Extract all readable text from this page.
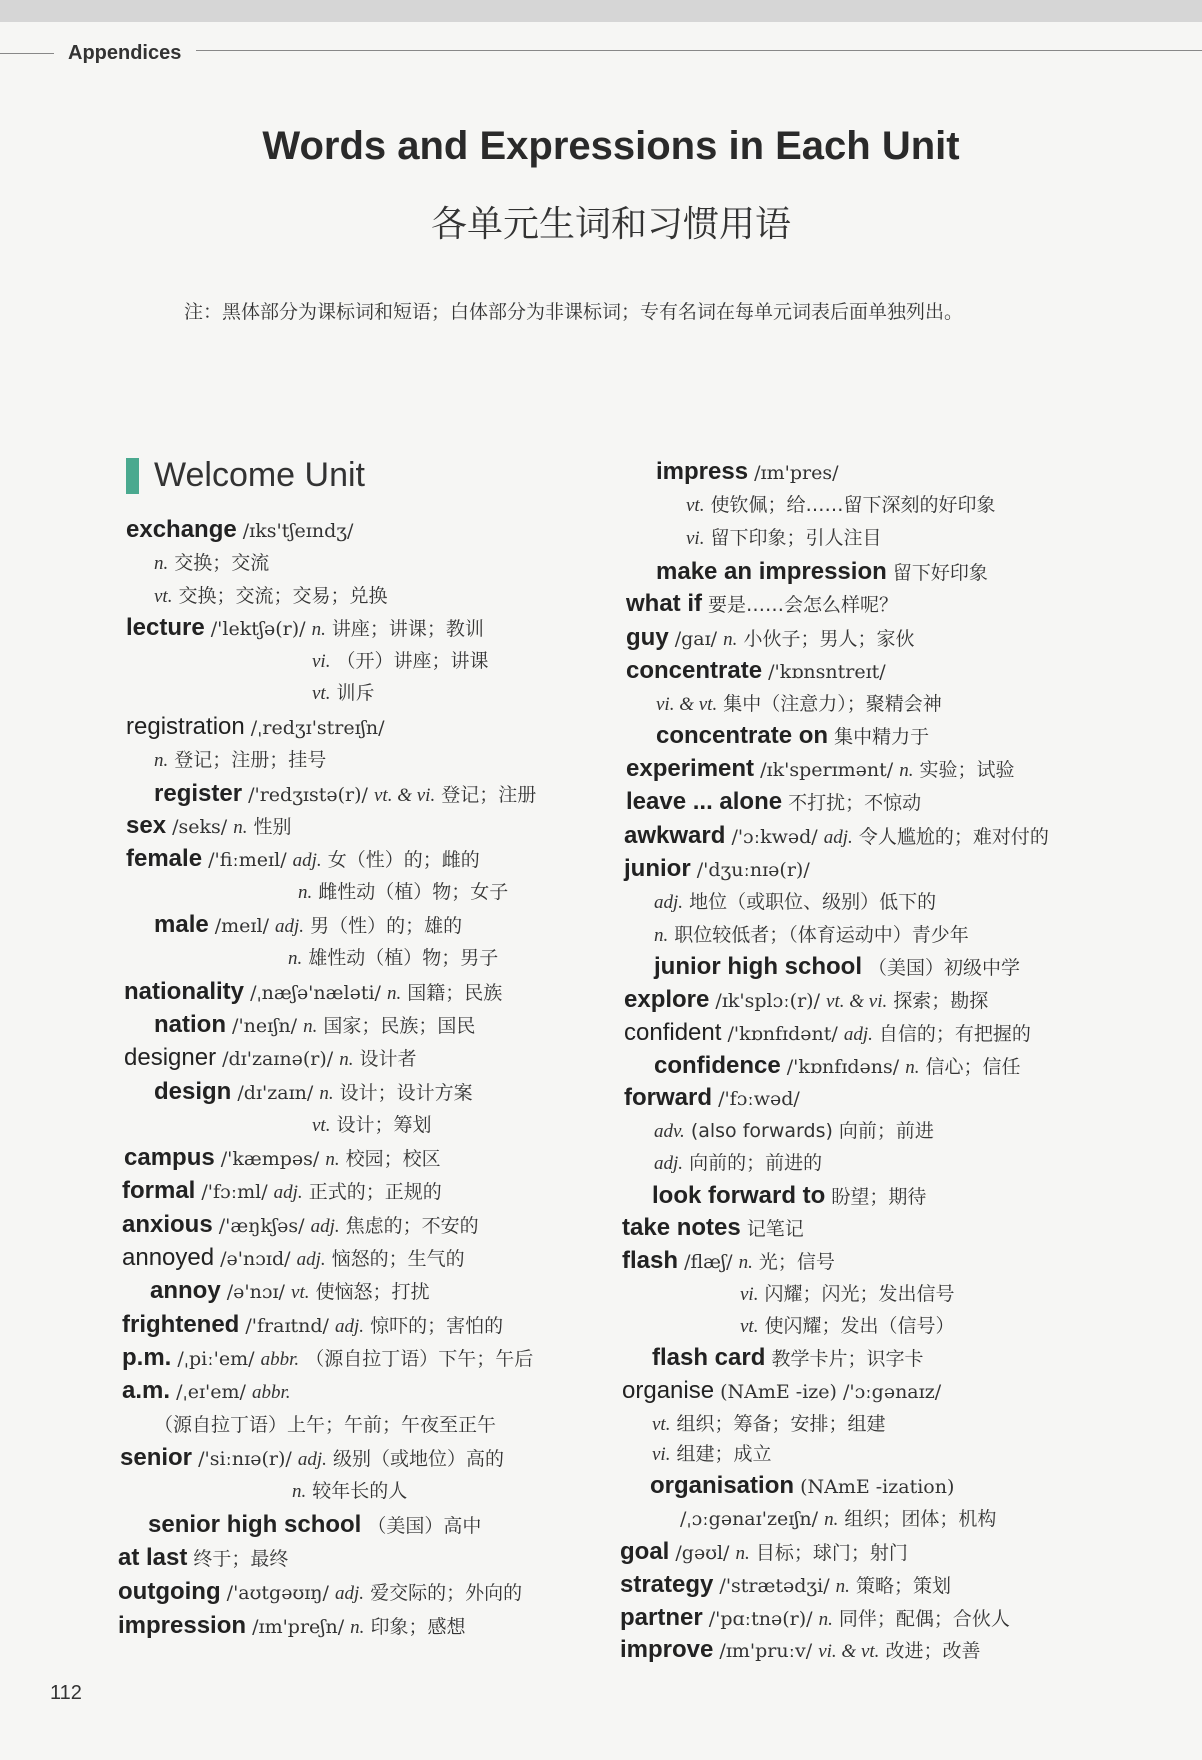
Appendices
Words and Expressions in Each Unit
各单元生词和习惯用语
注：黑体部分为课标词和短语；白体部分为非课标词；专有名词在每单元词表后面单独列出。
Welcome Unit
exchange /ɪks'tʃeɪndʒ/
n. 交换；交流
vt. 交换；交流；交易；兑换
lecture /'lektʃə(r)/ n. 讲座；讲课；教训
vi. （开）讲座；讲课
vt. 训斥
registration /ˌredʒɪ'streɪʃn/
n. 登记；注册；挂号
register /'redʒɪstə(r)/ vt. & vi. 登记；注册
sex /seks/ n. 性别
female /'fiːmeɪl/ adj. 女（性）的；雌的
n. 雌性动（植）物；女子
male /meɪl/ adj. 男（性）的；雄的
n. 雄性动（植）物；男子
nationality /ˌnæʃə'næləti/ n. 国籍；民族
nation /'neɪʃn/ n. 国家；民族；国民
designer /dɪ'zaɪnə(r)/ n. 设计者
design /dɪ'zaɪn/ n. 设计；设计方案
vt. 设计；筹划
campus /'kæmpəs/ n. 校园；校区
formal /'fɔːml/ adj. 正式的；正规的
anxious /'æŋkʃəs/ adj. 焦虑的；不安的
annoyed /ə'nɔɪd/ adj. 恼怒的；生气的
annoy /ə'nɔɪ/ vt. 使恼怒；打扰
frightened /'fraɪtnd/ adj. 惊吓的；害怕的
p.m. /ˌpiː'em/ abbr. （源自拉丁语）下午；午后
a.m. /ˌeɪ'em/ abbr.
（源自拉丁语）上午；午前；午夜至正午
senior /'siːnɪə(r)/ adj. 级别（或地位）高的
n. 较年长的人
senior high school （美国）高中
at last 终于；最终
outgoing /'aʊtgəʊɪŋ/ adj. 爱交际的；外向的
impression /ɪm'preʃn/ n. 印象；感想
impress /ɪm'pres/
vt. 使钦佩；给……留下深刻的好印象
vi. 留下印象；引人注目
make an impression 留下好印象
what if 要是……会怎么样呢？
guy /gaɪ/ n. 小伙子；男人；家伙
concentrate /'kɒnsntreɪt/
vi. & vt. 集中（注意力）；聚精会神
concentrate on 集中精力于
experiment /ɪk'sperɪmənt/ n. 实验；试验
leave ... alone 不打扰；不惊动
awkward /'ɔːkwəd/ adj. 令人尴尬的；难对付的
junior /'dʒuːnɪə(r)/
adj. 地位（或职位、级别）低下的
n. 职位较低者；（体育运动中）青少年
junior high school （美国）初级中学
explore /ɪk'splɔː(r)/ vt. & vi. 探索；勘探
confident /'kɒnfɪdənt/ adj. 自信的；有把握的
confidence /'kɒnfɪdəns/ n. 信心；信任
forward /'fɔːwəd/
adv. (also forwards) 向前；前进
adj. 向前的；前进的
look forward to 盼望；期待
take notes 记笔记
flash /flæʃ/ n. 光；信号
vi. 闪耀；闪光；发出信号
vt. 使闪耀；发出（信号）
flash card 教学卡片；识字卡
organise (NAmE -ize) /'ɔːgənaɪz/
vt. 组织；筹备；安排；组建
vi. 组建；成立
organisation (NAmE -ization)
/ˌɔːgənaɪ'zeɪʃn/ n. 组织；团体；机构
goal /gəʊl/ n. 目标；球门；射门
strategy /'strætədʒi/ n. 策略；策划
partner /'pɑːtnə(r)/ n. 同伴；配偶；合伙人
improve /ɪm'pruːv/ vi. & vt. 改进；改善
112
